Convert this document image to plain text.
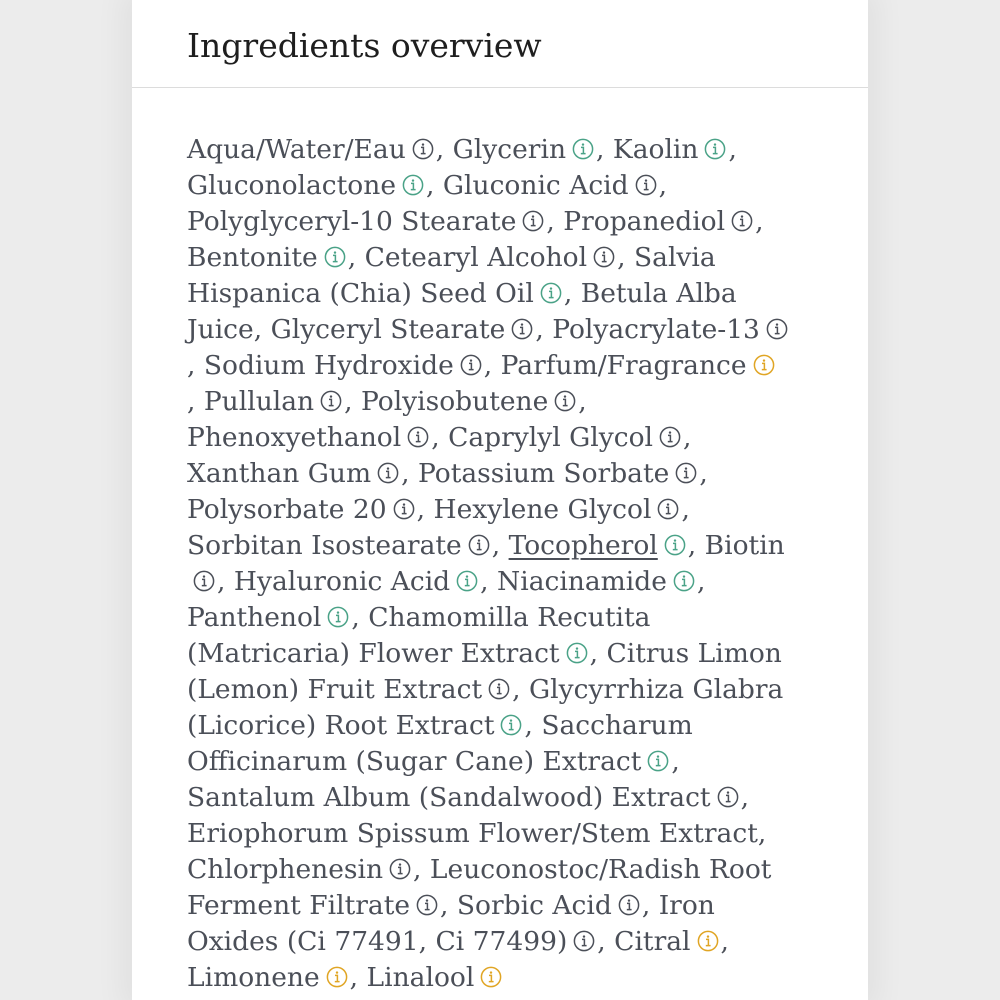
Ingredients overview
Aqua/Water/Eau , Glycerin , Kaolin ,
Gluconolactone , Gluconic Acid ,
Polyglyceryl-10 Stearate , Propanediol ,
Bentonite , Cetearyl Alcohol , Salvia
Hispanica (Chia) Seed Oil , Betula Alba
Juice, Glyceryl Stearate , Polyacrylate-13
, Sodium Hydroxide , Parfum/Fragrance
, Pullulan , Polyisobutene ,
Phenoxyethanol , Caprylyl Glycol ,
Xanthan Gum , Potassium Sorbate ,
Polysorbate 20 , Hexylene Glycol ,
Sorbitan Isostearate , Tocopherol , Biotin
, Hyaluronic Acid , Niacinamide ,
Panthenol , Chamomilla Recutita
(Matricaria) Flower Extract , Citrus Limon
(Lemon) Fruit Extract , Glycyrrhiza Glabra
(Licorice) Root Extract , Saccharum
Officinarum (Sugar Cane) Extract ,
Santalum Album (Sandalwood) Extract ,
Eriophorum Spissum Flower/Stem Extract,
Chlorphenesin , Leuconostoc/Radish Root
Ferment Filtrate , Sorbic Acid , Iron
Oxides (Ci 77491, Ci 77499) , Citral ,
Limonene , Linalool
